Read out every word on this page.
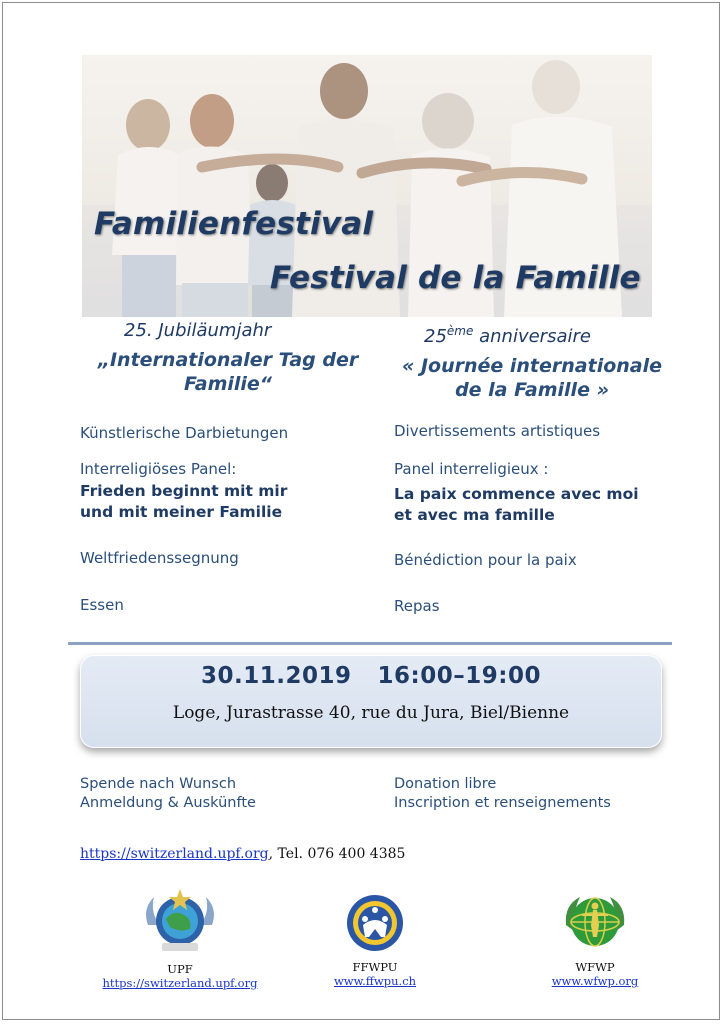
Familienfestival

Festival de la Famille

25. Jubiläumjahr

„Internationaler Tag der
Familie“

25ème anniversaire

« Journée internationale
de la Famille »
Künstlerische Darbietungen
Interreligiöses Panel:
Frieden beginnt mit mir
und mit meiner Familie
Weltfriedenssegnung
Essen
Divertissements artistiques
Panel interreligieux :
La paix commence avec moi
et avec ma famille
Bénédiction pour la paix
Repas
30.11.2019 16:00–19:00
Loge, Jurastrasse 40, rue du Jura, Biel/Bienne
Spende nach Wunsch
Anmeldung & Auskünfte
Donation libre
Inscription et renseignements
https://switzerland.upf.org, Tel. 076 400 4385
UPF
https://switzerland.upf.org
FFWPU
www.ffwpu.ch
WFWP
www.wfwp.org
